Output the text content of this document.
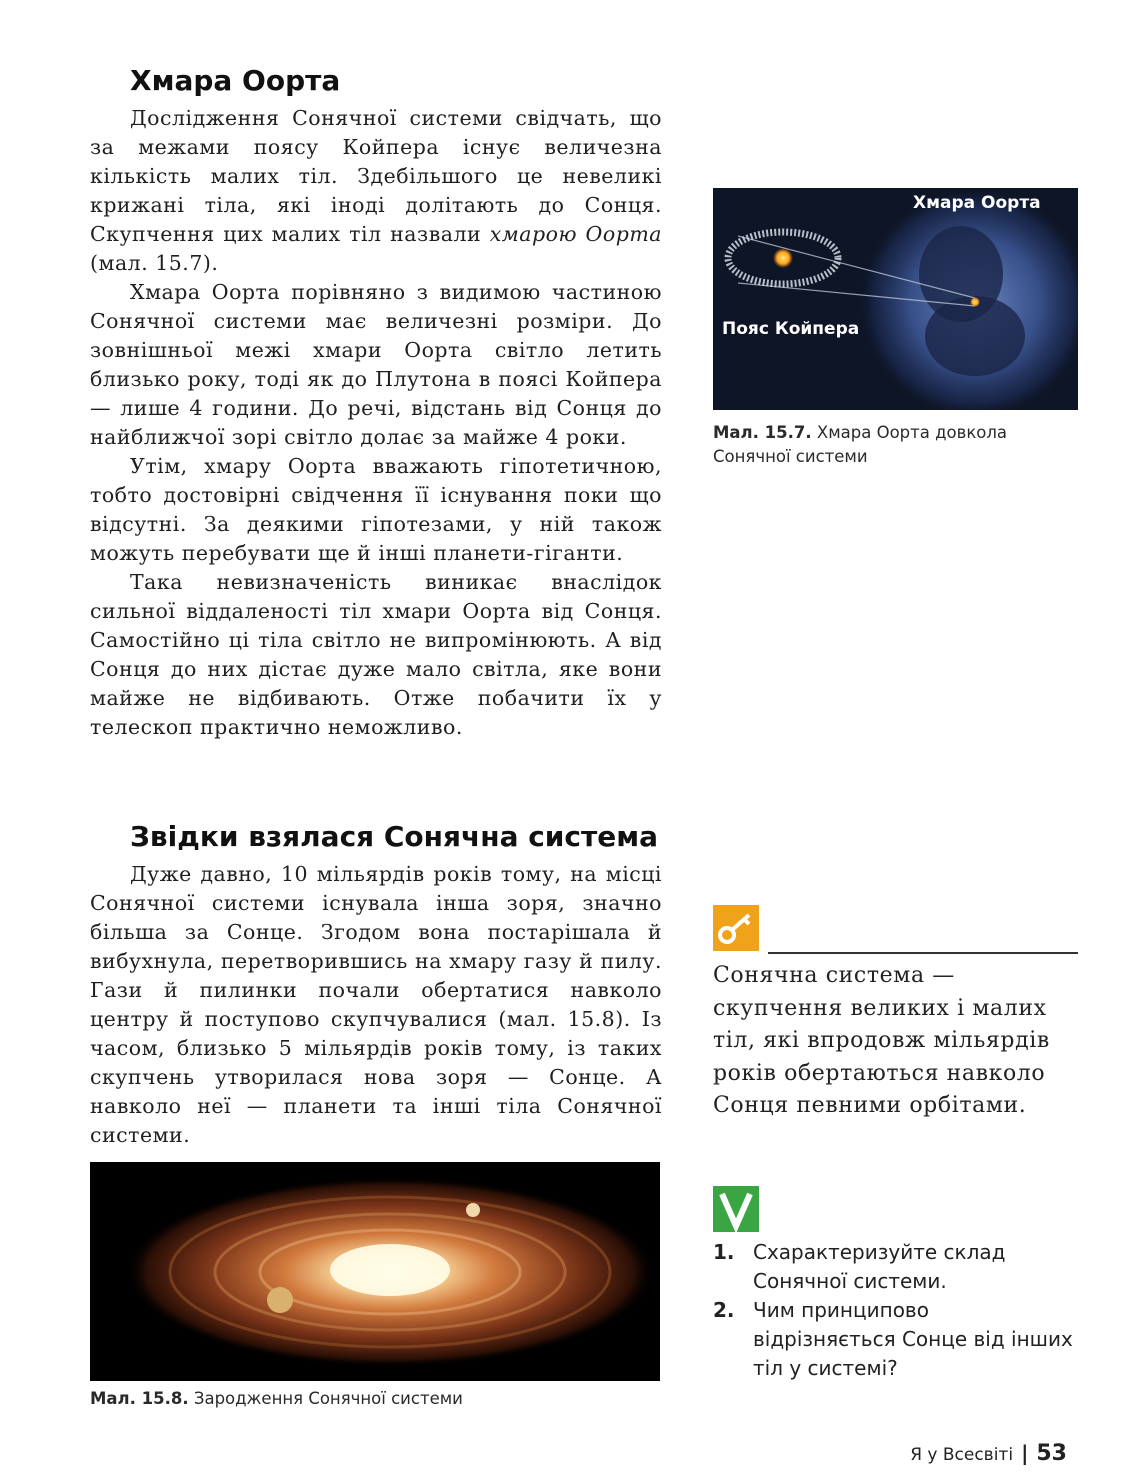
Хмара Оорта

Дослідження Сонячної системи свідчать, що за межами поясу Койпера існує величезна кількість малих тіл. Здебільшого це невеликі крижані тіла, які іноді долітають до Сонця. Скупчення цих малих тіл назвали хмарою Оорта (мал. 15.7).

Хмара Оорта порівняно з видимою частиною Сонячної системи має величезні розміри. До зовнішньої межі хмари Оорта світло летить близько року, тоді як до Плутона в поясі Койпера — лише 4 години. До речі, відстань від Сонця до найближчої зорі світло долає за майже 4 роки.

Утім, хмару Оорта вважають гіпотетичною, тобто достовірні свідчення її існування поки що відсутні. За деякими гіпотезами, у ній також можуть перебувати ще й інші планети-гіганти.

Така невизначеність виникає внаслідок сильної віддаленості тіл хмари Оорта від Сонця. Самостійно ці тіла світло не випромінюють. А від Сонця до них дістає дуже мало світла, яке вони майже не відбивають. Отже побачити їх у телескоп практично неможливо.

Звідки взялася Сонячна система

Дуже давно, 10 мільярдів років тому, на місці Сонячної системи існувала інша зоря, значно більша за Сонце. Згодом вона постарішала й вибухнула, перетворившись на хмару газу й пилу. Гази й пилинки почали обертатися навколо центру й поступово скупчувалися (мал. 15.8). Із часом, близько 5 мільярдів років тому, із таких скупчень утворилася нова зоря — Сонце. А навколо неї — планети та інші тіла Сонячної системи.

Хмара Оорта
Пояс Койпера
Мал. 15.7. Хмара Оорта довкола Сонячної системи
Мал. 15.8. Зародження Сонячної системи
Сонячна система — скупчення великих і малих тіл, які впродовж мільярдів років обертаються навколо Сонця певними орбітами.
1. Схарактеризуйте склад Сонячної системи.
2. Чим принципово відрізняється Сонце від інших тіл у системі?
Я у Всесвіті | 53
